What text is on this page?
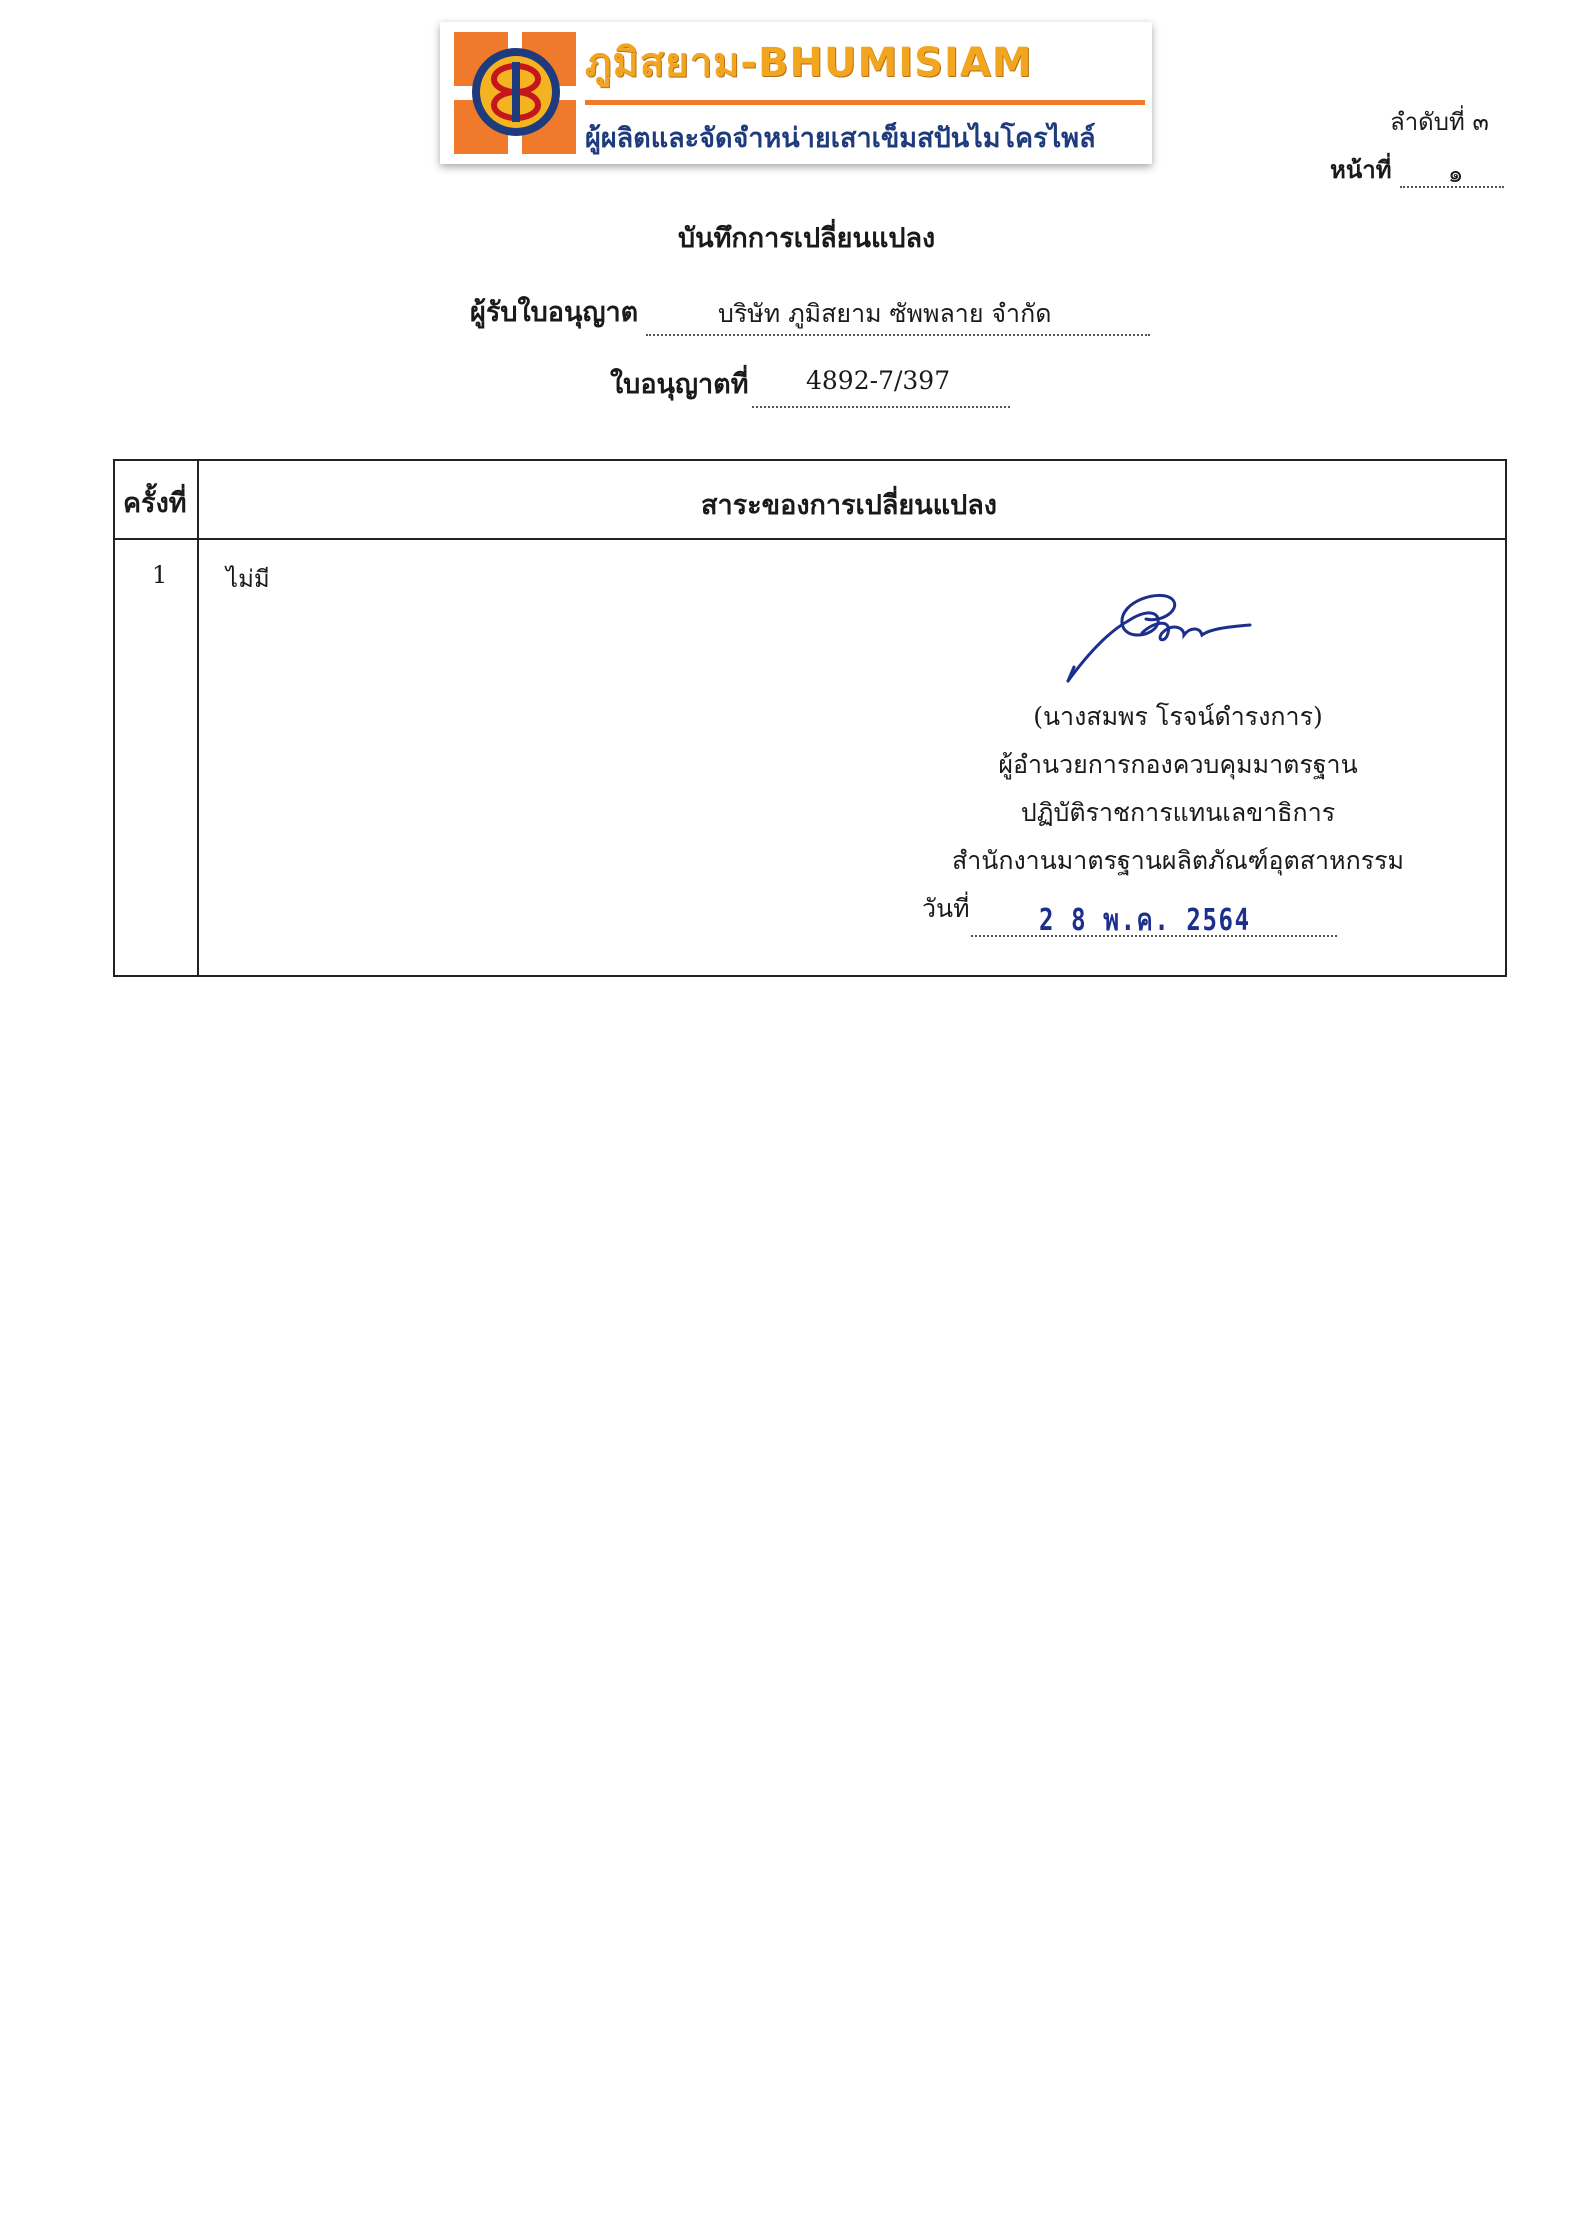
ภูมิสยาม-BHUMISIAM
ผู้ผลิตและจัดจำหน่ายเสาเข็มสปันไมโครไพล์
ลำดับที่ ๓
หน้าที่ ๑
บันทึกการเปลี่ยนแปลง
ผู้รับใบอนุญาต	บริษัท ภูมิสยาม ซัพพลาย จำกัด
ใบอนุญาตที่ 4892-7/397
ครั้งที่	สาระของการเปลี่ยนแปลง
1 ไม่มี
(นางสมพร โรจน์ดำรงการ)
ผู้อำนวยการกองควบคุมมาตรฐาน
ปฏิบัติราชการแทนเลขาธิการ
สำนักงานมาตรฐานผลิตภัณฑ์อุตสาหกรรม
วันที่ 2 8 พ.ค. 2564
